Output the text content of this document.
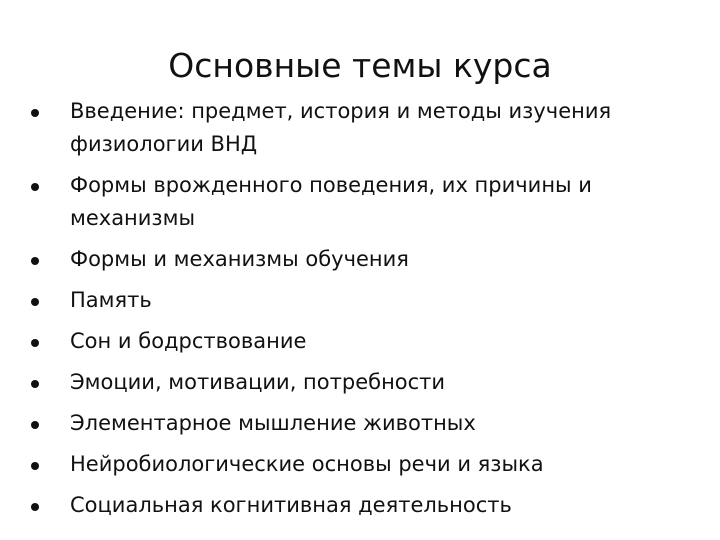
Основные темы курса
Введение: предмет, история и методы изучения физиологии ВНД
Формы врожденного поведения, их причины и механизмы
Формы и механизмы обучения
Память
Сон и бодрствование
Эмоции, мотивации, потребности
Элементарное мышление животных
Нейробиологические основы речи и языка
Социальная когнитивная деятельность
